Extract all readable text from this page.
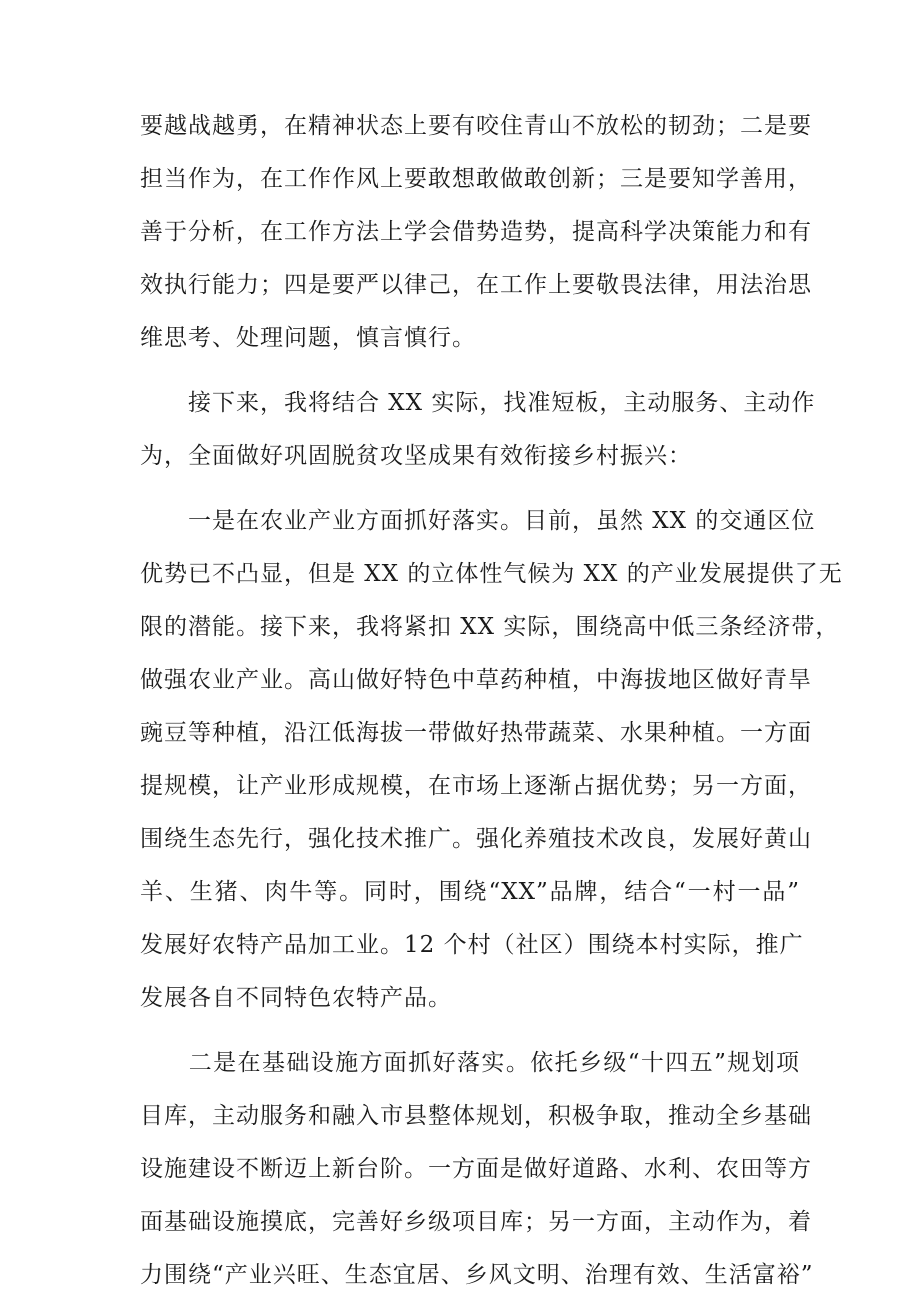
要越战越勇，在精神状态上要有咬住青山不放松的韧劲；二是要
担当作为，在工作作风上要敢想敢做敢创新；三是要知学善用，
善于分析，在工作方法上学会借势造势，提高科学决策能力和有
效执行能力；四是要严以律己，在工作上要敬畏法律，用法治思
维思考、处理问题，慎言慎行。
　　接下来，我将结合 XX 实际，找准短板，主动服务、主动作
为，全面做好巩固脱贫攻坚成果有效衔接乡村振兴：
　　一是在农业产业方面抓好落实。目前，虽然 XX 的交通区位
优势已不凸显，但是 XX 的立体性气候为 XX 的产业发展提供了无
限的潜能。接下来，我将紧扣 XX 实际，围绕高中低三条经济带，
做强农业产业。高山做好特色中草药种植，中海拔地区做好青旱
豌豆等种植，沿江低海拔一带做好热带蔬菜、水果种植。一方面
提规模，让产业形成规模，在市场上逐渐占据优势；另一方面，
围绕生态先行，强化技术推广。强化养殖技术改良，发展好黄山
羊、生猪、肉牛等。同时，围绕“XX”品牌，结合“一村一品”
发展好农特产品加工业。12 个村（社区）围绕本村实际，推广
发展各自不同特色农特产品。
　　二是在基础设施方面抓好落实。依托乡级“十四五”规划项
目库，主动服务和融入市县整体规划，积极争取，推动全乡基础
设施建设不断迈上新台阶。一方面是做好道路、水利、农田等方
面基础设施摸底，完善好乡级项目库；另一方面，主动作为，着
力围绕“产业兴旺、生态宜居、乡风文明、治理有效、生活富裕”
